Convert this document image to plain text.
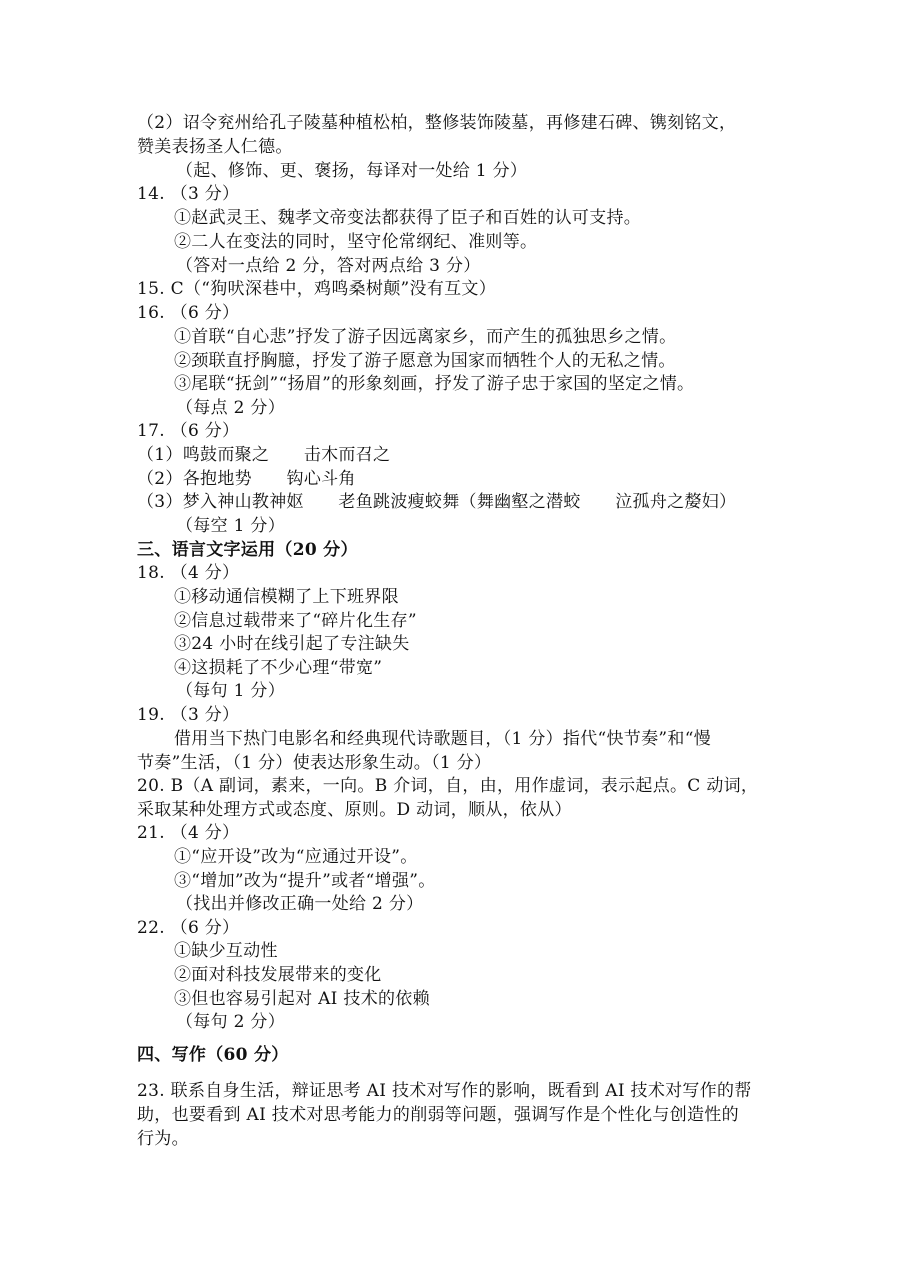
（2）诏令兖州给孔子陵墓种植松柏，整修装饰陵墓，再修建石碑、镌刻铭文，
赞美表扬圣人仁德。
（起、修饰、更、褒扬，每译对一处给 1 分）
14. （3 分）
①赵武灵王、魏孝文帝变法都获得了臣子和百姓的认可支持。
②二人在变法的同时，坚守伦常纲纪、准则等。
（答对一点给 2 分，答对两点给 3 分）
15. C（“狗吠深巷中，鸡鸣桑树颠”没有互文）
16. （6 分）
①首联“自心悲”抒发了游子因远离家乡，而产生的孤独思乡之情。
②颈联直抒胸臆，抒发了游子愿意为国家而牺牲个人的无私之情。
③尾联“抚剑”“扬眉”的形象刻画，抒发了游子忠于家国的坚定之情。
（每点 2 分）
17. （6 分）
（1）鸣鼓而聚之　　击木而召之
（2）各抱地势　　钩心斗角
（3）梦入神山教神妪　　老鱼跳波瘦蛟舞（舞幽壑之潜蛟　　泣孤舟之嫠妇）
（每空 1 分）
三、语言文字运用（20 分）
18. （4 分）
①移动通信模糊了上下班界限
②信息过载带来了“碎片化生存”
③24 小时在线引起了专注缺失
④这损耗了不少心理“带宽”
（每句 1 分）
19. （3 分）
借用当下热门电影名和经典现代诗歌题目，（1 分）指代“快节奏”和“慢
节奏”生活，（1 分）使表达形象生动。（1 分）
20. B（A 副词，素来，一向。B 介词，自，由，用作虚词，表示起点。C 动词，
采取某种处理方式或态度、原则。D 动词，顺从，依从）
21. （4 分）
①“应开设”改为“应通过开设”。
③“增加”改为“提升”或者“增强”。
（找出并修改正确一处给 2 分）
22. （6 分）
①缺少互动性
②面对科技发展带来的变化
③但也容易引起对 AI 技术的依赖
（每句 2 分）
四、写作（60 分）
23. 联系自身生活，辩证思考 AI 技术对写作的影响，既看到 AI 技术对写作的帮
助，也要看到 AI 技术对思考能力的削弱等问题，强调写作是个性化与创造性的
行为。
